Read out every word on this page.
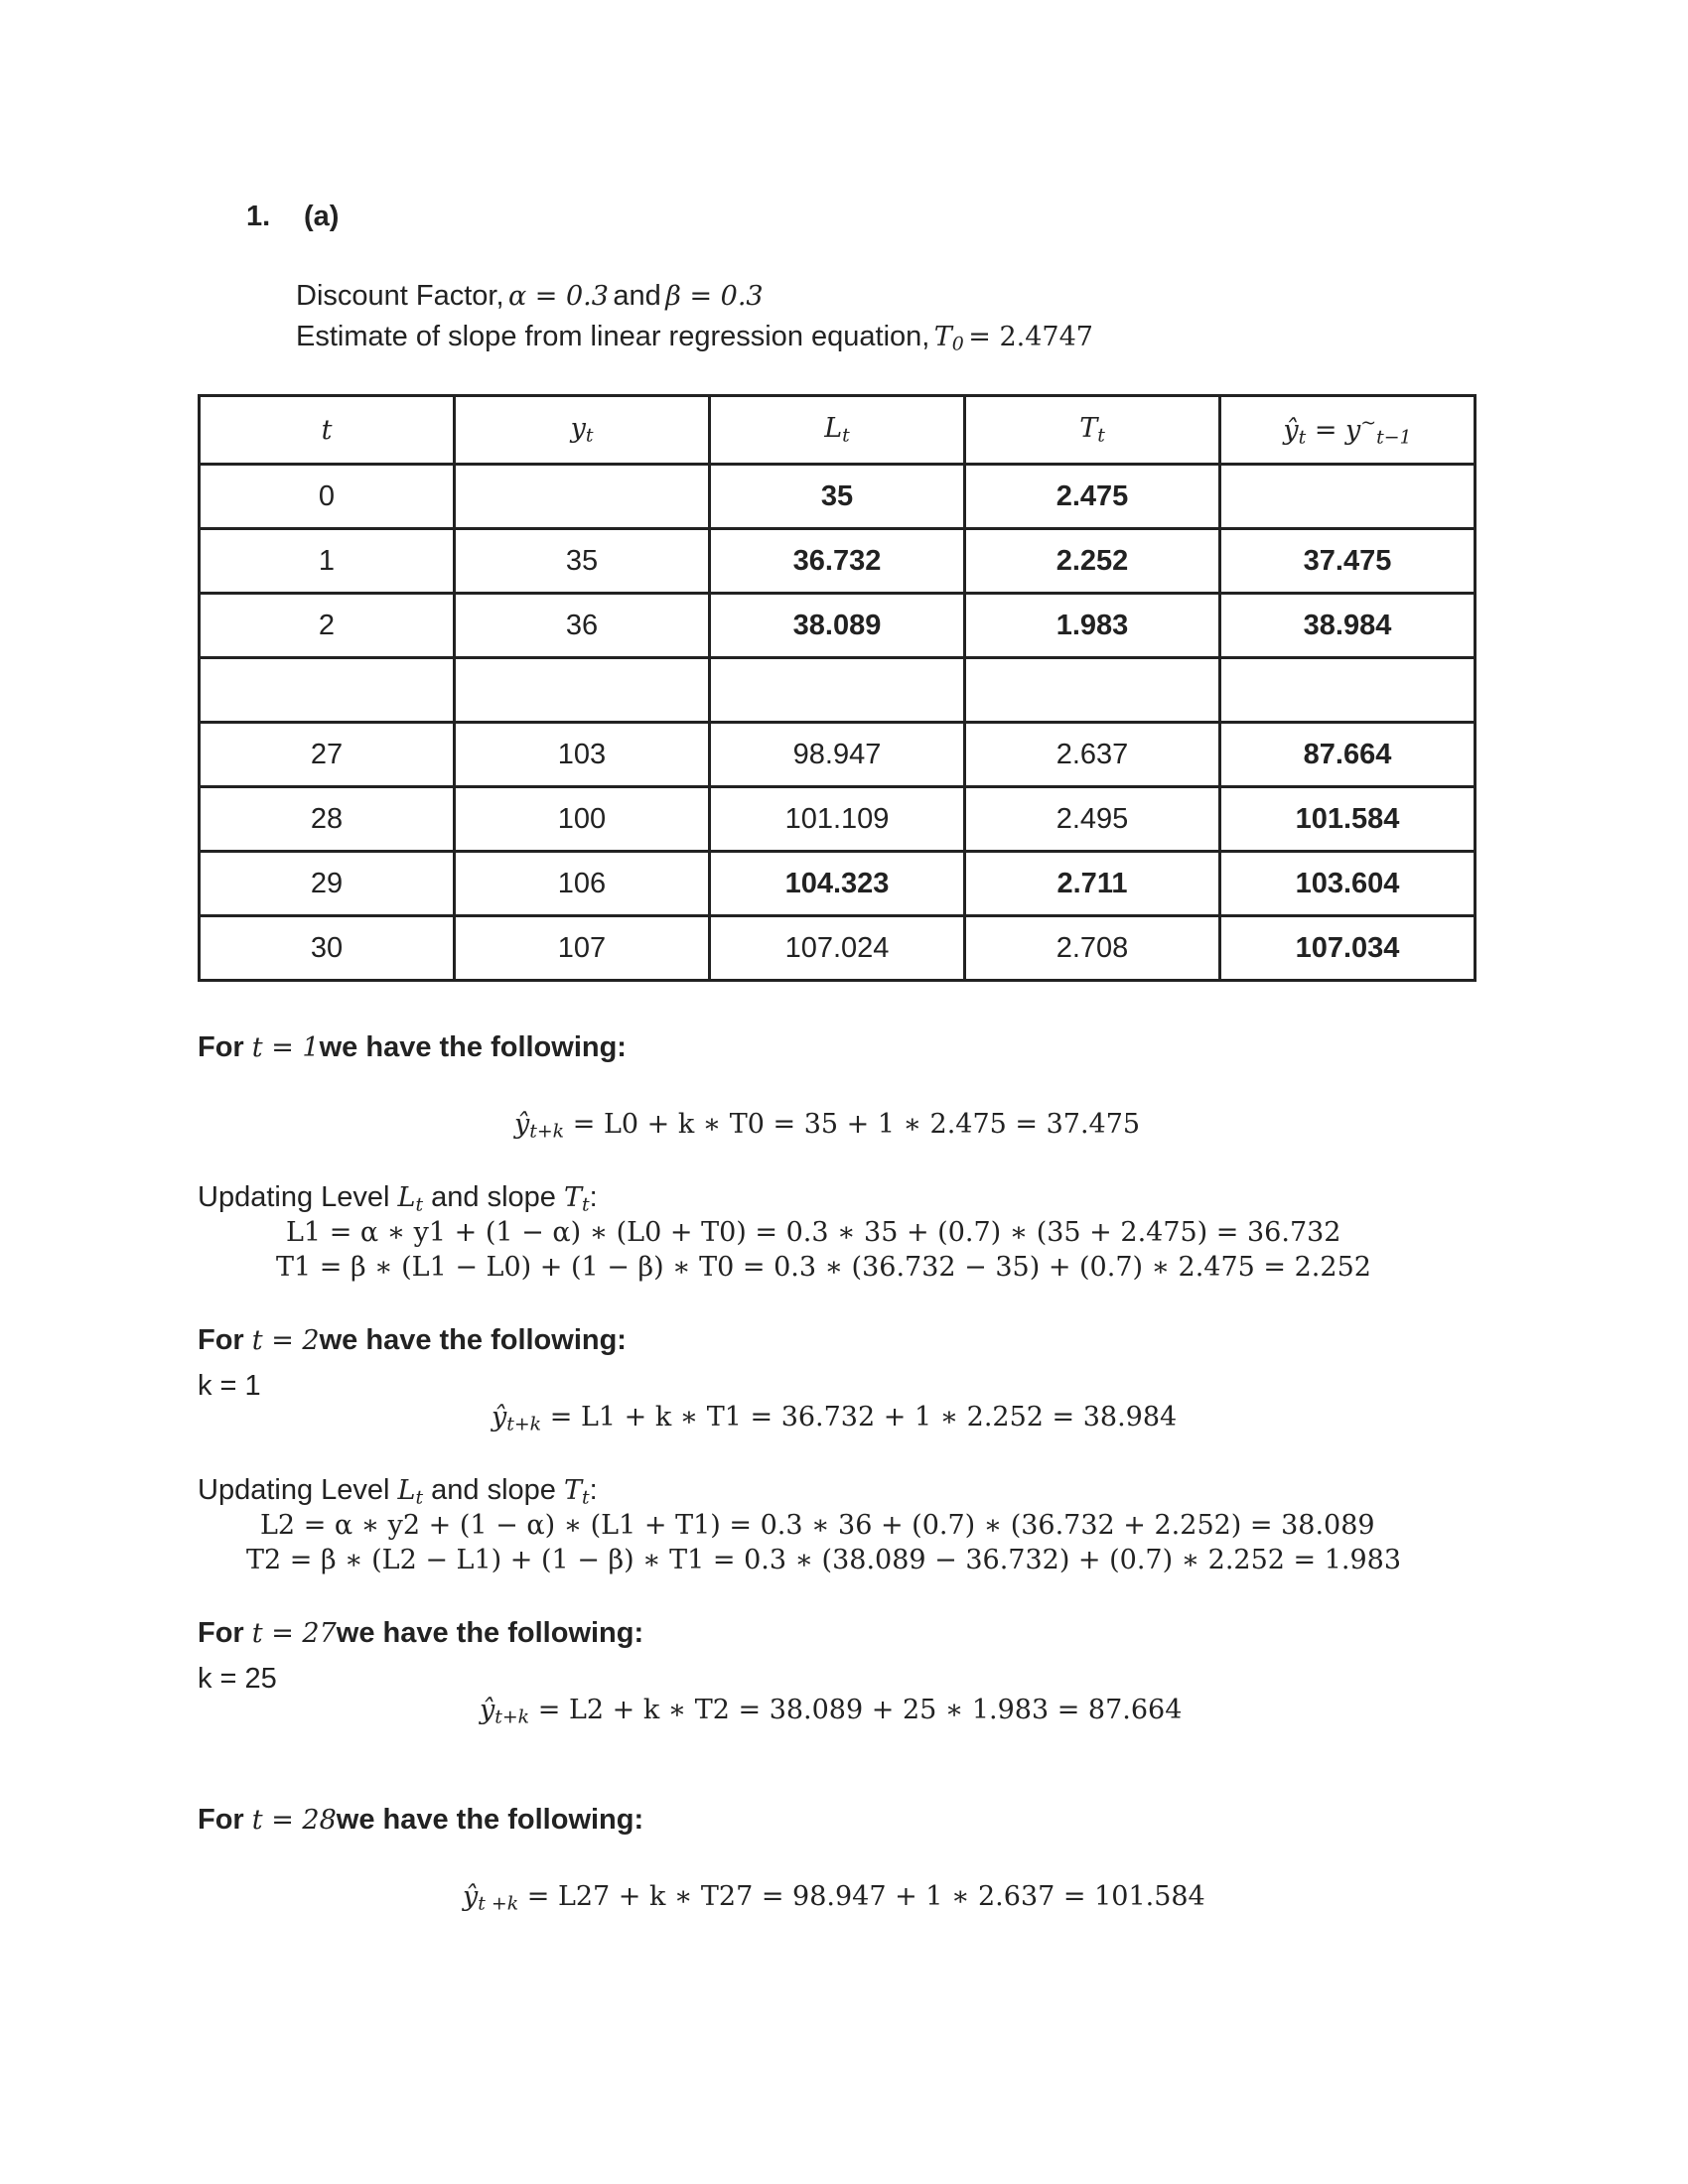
1. (a)
Discount Factor, α = 0.3 and β = 0.3
Estimate of slope from linear regression equation, $T_0 = 2.4747$
t	$y_t$	$L_t$	$T_t$	$ŷ_t = y^\sim_{t-1}$
0		35	2.475	
1	35	36.732	2.252	37.475
2	36	38.089	1.983	38.984

27	103	98.947	2.637	87.664
28	100	101.109	2.495	101.584
29	106	104.323	2.711	103.604
30	107	107.024	2.708	107.034
For t = 1we have the following:
$ŷ_{t+k} = L0 + k$ ∗ T0 = 35 + 1 ∗ 2.475 = 37.475
Updating Level $L_t$ and slope $T_t$:
L1 = α ∗ y1 + (1 − α) ∗ (L0 + T0) = 0.3 ∗ 35 + (0.7) ∗ (35 + 2.475) = 36.732
T1 = β ∗ (L1 − L0) + (1 − β) ∗ T0 = 0.3 ∗ (36.732 − 35) + (0.7) ∗ 2.475 = 2.252
For t = 2we have the following:
k = 1
$ŷ_{t+k} = L1 + k$ ∗ T1 = 36.732 + 1 ∗ 2.252 = 38.984
Updating Level $L_t$ and slope $T_t$:
L2 = α ∗ y2 + (1 − α) ∗ (L1 + T1) = 0.3 ∗ 36 + (0.7) ∗ (36.732 + 2.252) = 38.089
T2 = β ∗ (L2 − L1) + (1 − β) ∗ T1 = 0.3 ∗ (38.089 − 36.732) + (0.7) ∗ 2.252 = 1.983
For t = 27we have the following:
k = 25
$ŷ_{t+k} = L2 + k$ ∗ T2 = 38.089 + 25 ∗ 1.983 = 87.664
For t = 28we have the following:
$ŷ_{t +k} = L27 + k$ ∗ T27 = 98.947 + 1 ∗ 2.637 = 101.584
